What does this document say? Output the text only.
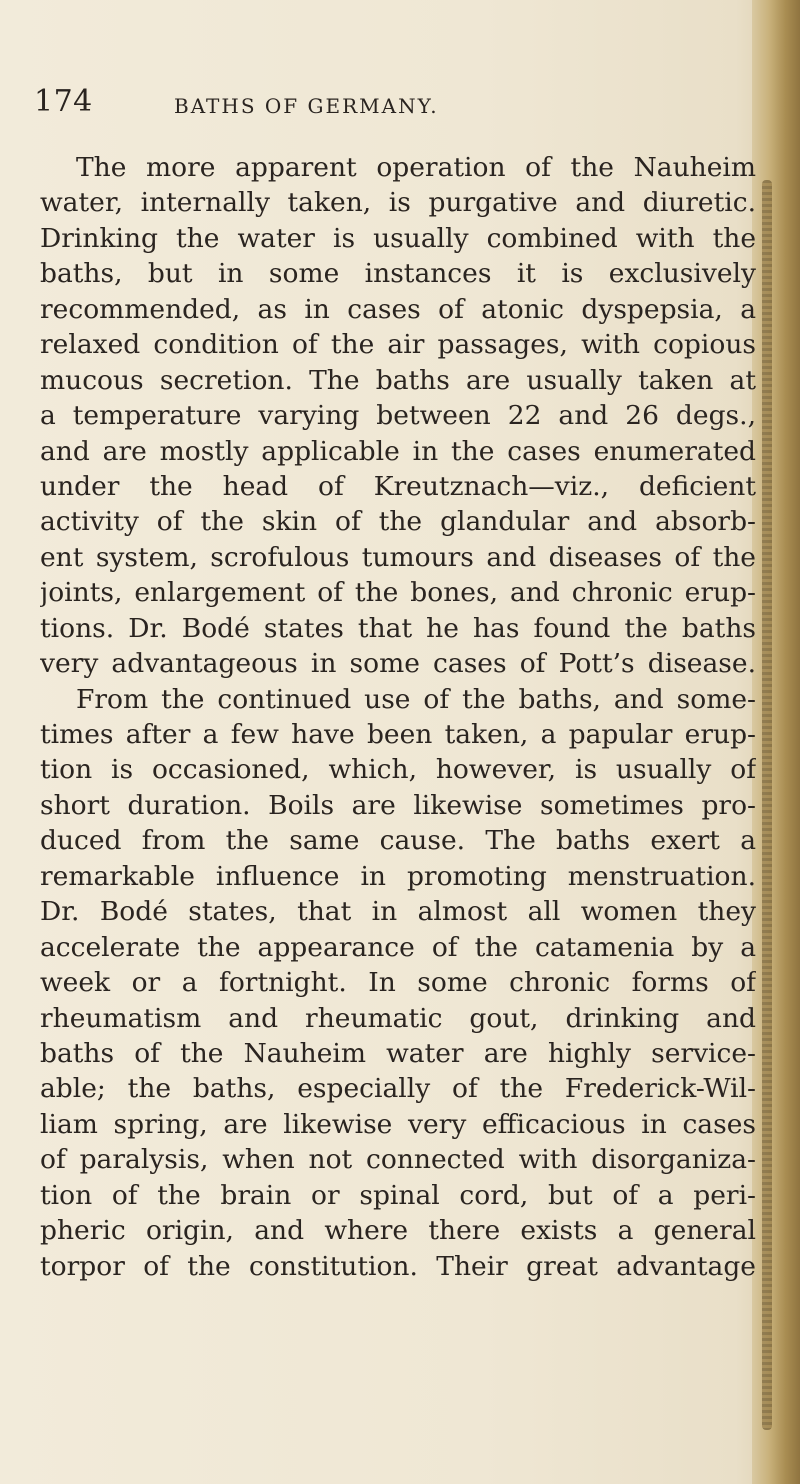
174	BATHS OF GERMANY.
The more apparent operation of the Nauheim
water, internally taken, is purgative and diuretic.
Drinking the water is usually combined with the
baths, but in some instances it is exclusively
recommended, as in cases of atonic dyspepsia, a
relaxed condition of the air passages, with copious
mucous secretion. The baths are usually taken at
a temperature varying between 22 and 26 degs.,
and are mostly applicable in the cases enumerated
under the head of Kreutznach—viz., deficient
activity of the skin of the glandular and absorb-
ent system, scrofulous tumours and diseases of the
joints, enlargement of the bones, and chronic erup-
tions. Dr. Bodé states that he has found the baths
very advantageous in some cases of Pott’s disease.
From the continued use of the baths, and some-
times after a few have been taken, a papular erup-
tion is occasioned, which, however, is usually of
short duration. Boils are likewise sometimes pro-
duced from the same cause. The baths exert a
remarkable influence in promoting menstruation.
Dr. Bodé states, that in almost all women they
accelerate the appearance of the catamenia by a
week or a fortnight. In some chronic forms of
rheumatism and rheumatic gout, drinking and
baths of the Nauheim water are highly service-
able; the baths, especially of the Frederick-Wil-
liam spring, are likewise very efficacious in cases
of paralysis, when not connected with disorganiza-
tion of the brain or spinal cord, but of a peri-
pheric origin, and where there exists a general
torpor of the constitution. Their great advantage
